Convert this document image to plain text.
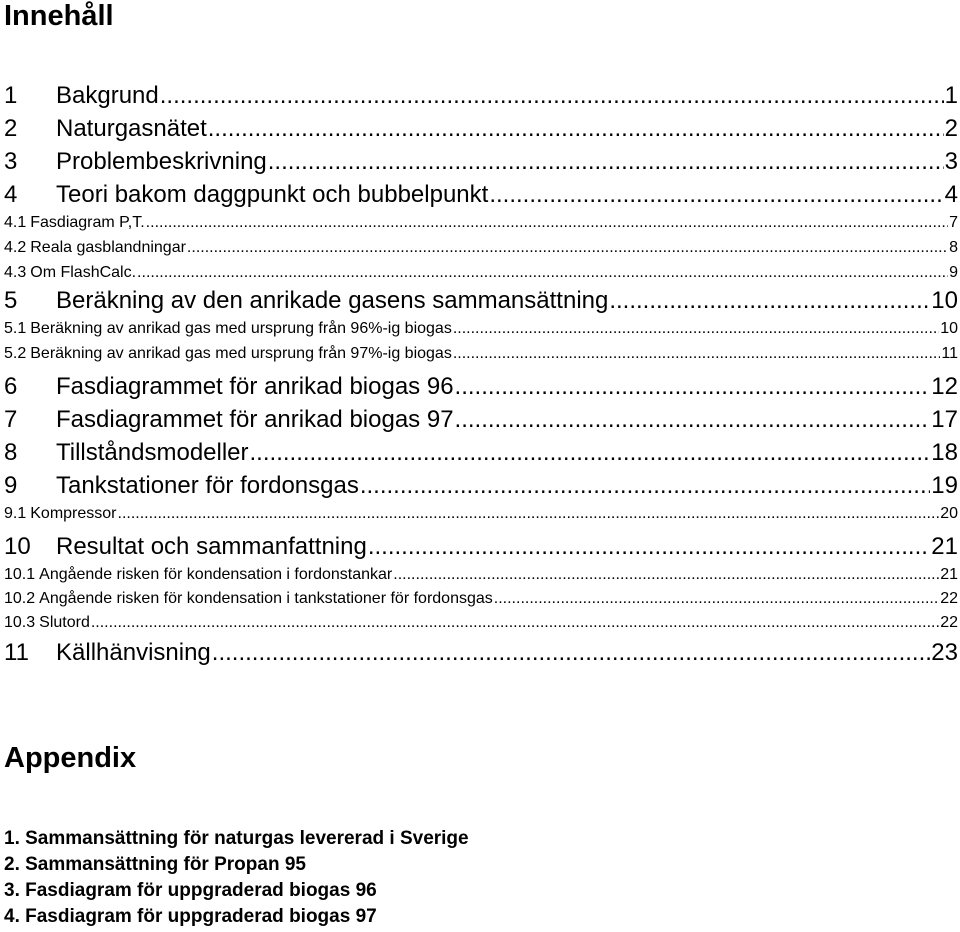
Innehåll
1	Bakgrund .....	1
2	Naturgasnätet .....	2
3	Problembeskrivning .....	3
4	Teori bakom daggpunkt och bubbelpunkt .....	4
4.1 Fasdiagram P,T. .....	7
4.2 Reala gasblandningar .....	8
4.3 Om FlashCalc. .....	9
5	Beräkning av den anrikade gasens sammansättning .....	10
5.1 Beräkning av anrikad gas med ursprung från 96%-ig biogas .....	10
5.2 Beräkning av anrikad gas med ursprung från 97%-ig biogas .....	11
6	Fasdiagrammet för anrikad biogas 96 .....	12
7	Fasdiagrammet för anrikad biogas 97 .....	17
8	Tillståndsmodeller .....	18
9	Tankstationer för fordonsgas .....	19
9.1 Kompressor .....	20
10	Resultat och sammanfattning .....	21
10.1 Angående risken för kondensation i fordonstankar .....	21
10.2 Angående risken för kondensation i tankstationer för fordonsgas .....	22
10.3 Slutord .....	22
11	Källhänvisning .....	23
Appendix
1. Sammansättning för naturgas levererad i Sverige
2. Sammansättning för Propan 95
3. Fasdiagram för uppgraderad biogas 96
4. Fasdiagram för uppgraderad biogas 97
